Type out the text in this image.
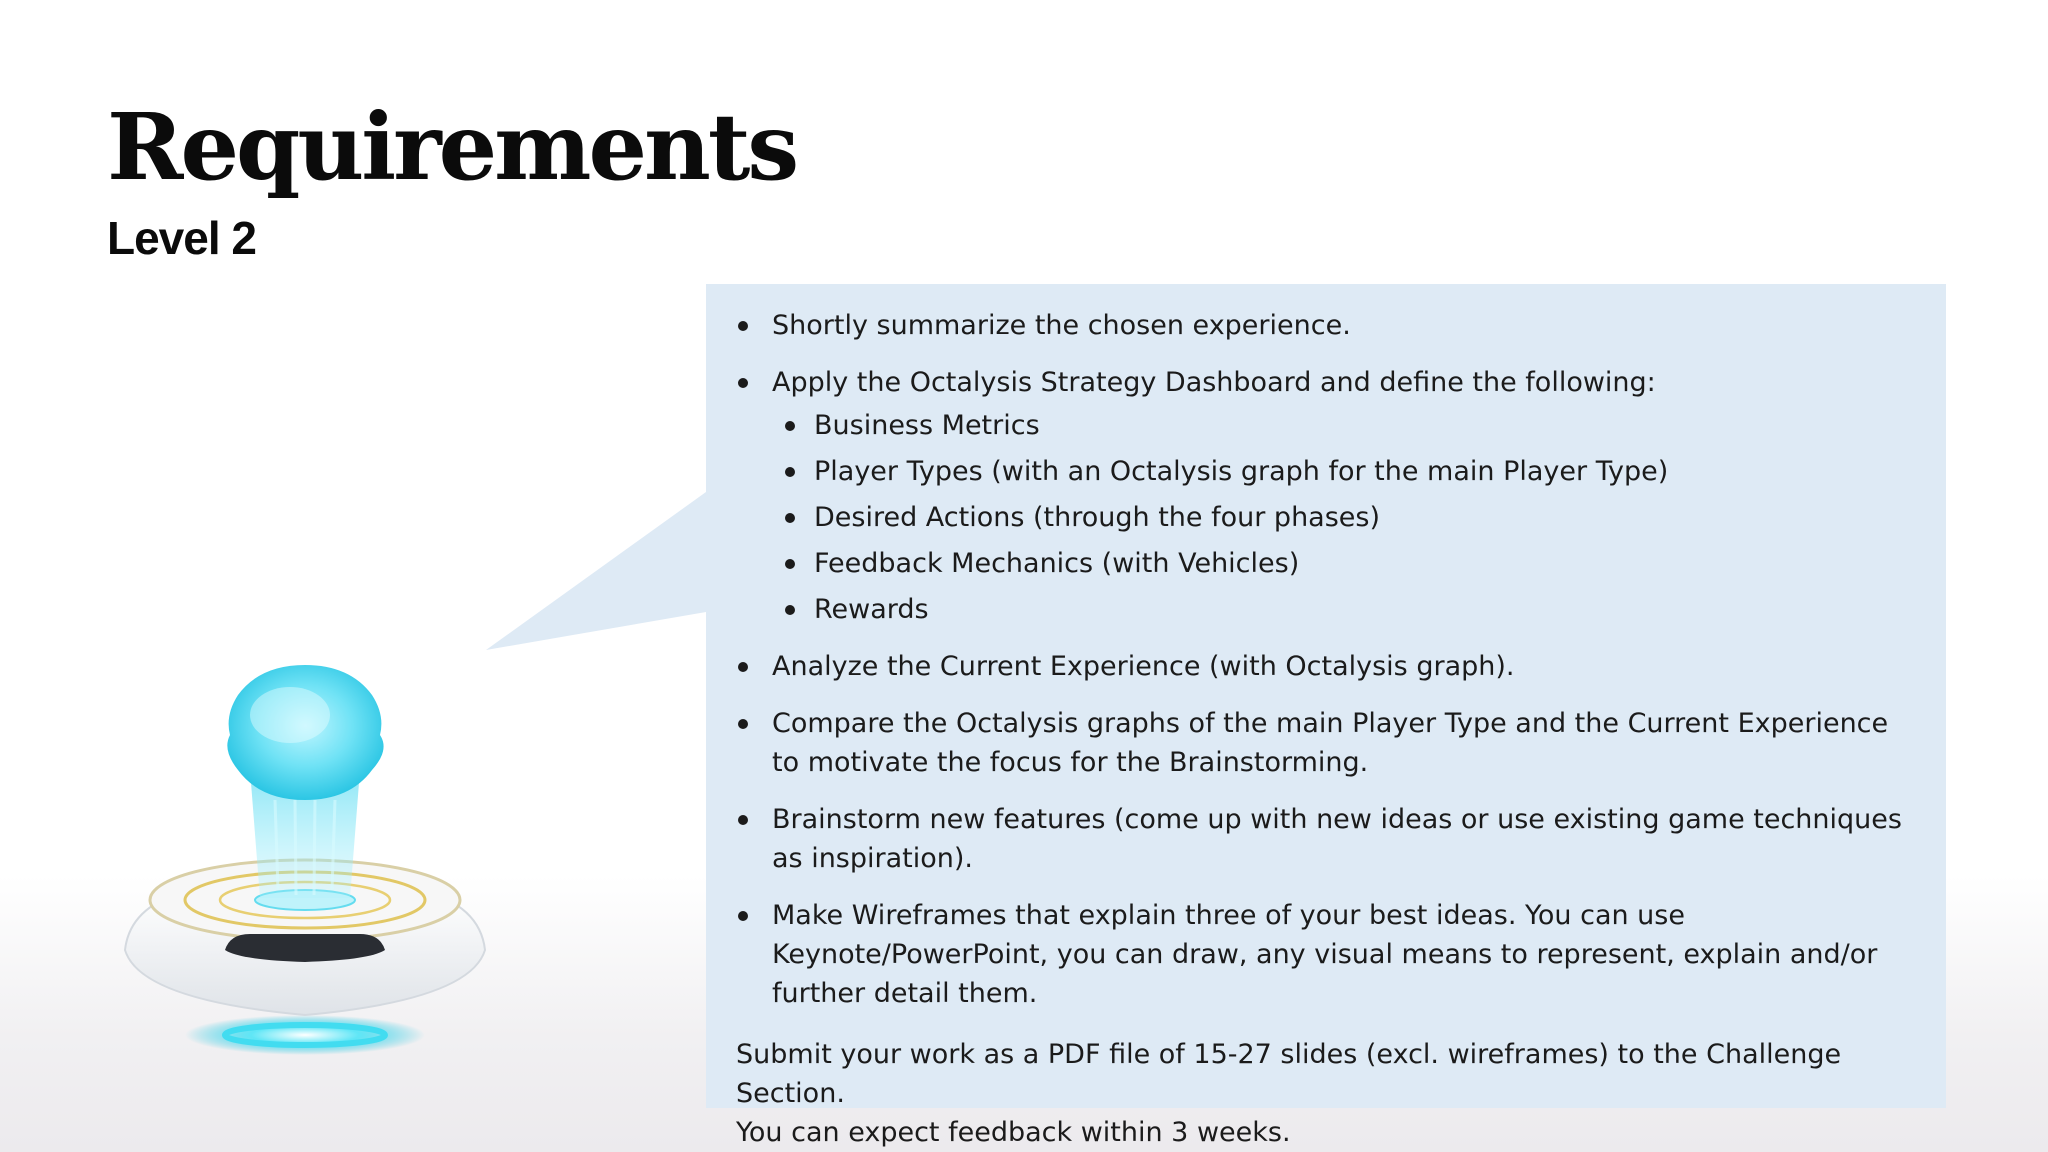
Requirements
Level 2
Shortly summarize the chosen experience.
Apply the Octalysis Strategy Dashboard and define the following:
Business Metrics
Player Types (with an Octalysis graph for the main Player Type)
Desired Actions (through the four phases)
Feedback Mechanics (with Vehicles)
Rewards
Analyze the Current Experience (with Octalysis graph).
Compare the Octalysis graphs of the main Player Type and the Current Experience to motivate the focus for the Brainstorming.
Brainstorm new features (come up with new ideas or use existing game techniques as inspiration).
Make Wireframes that explain three of your best ideas. You can use Keynote/PowerPoint, you can draw, any visual means to represent, explain and/or further detail them.

Submit your work as a PDF file of 15-27 slides (excl. wireframes) to the Challenge Section.

You can expect feedback within 3 weeks.
